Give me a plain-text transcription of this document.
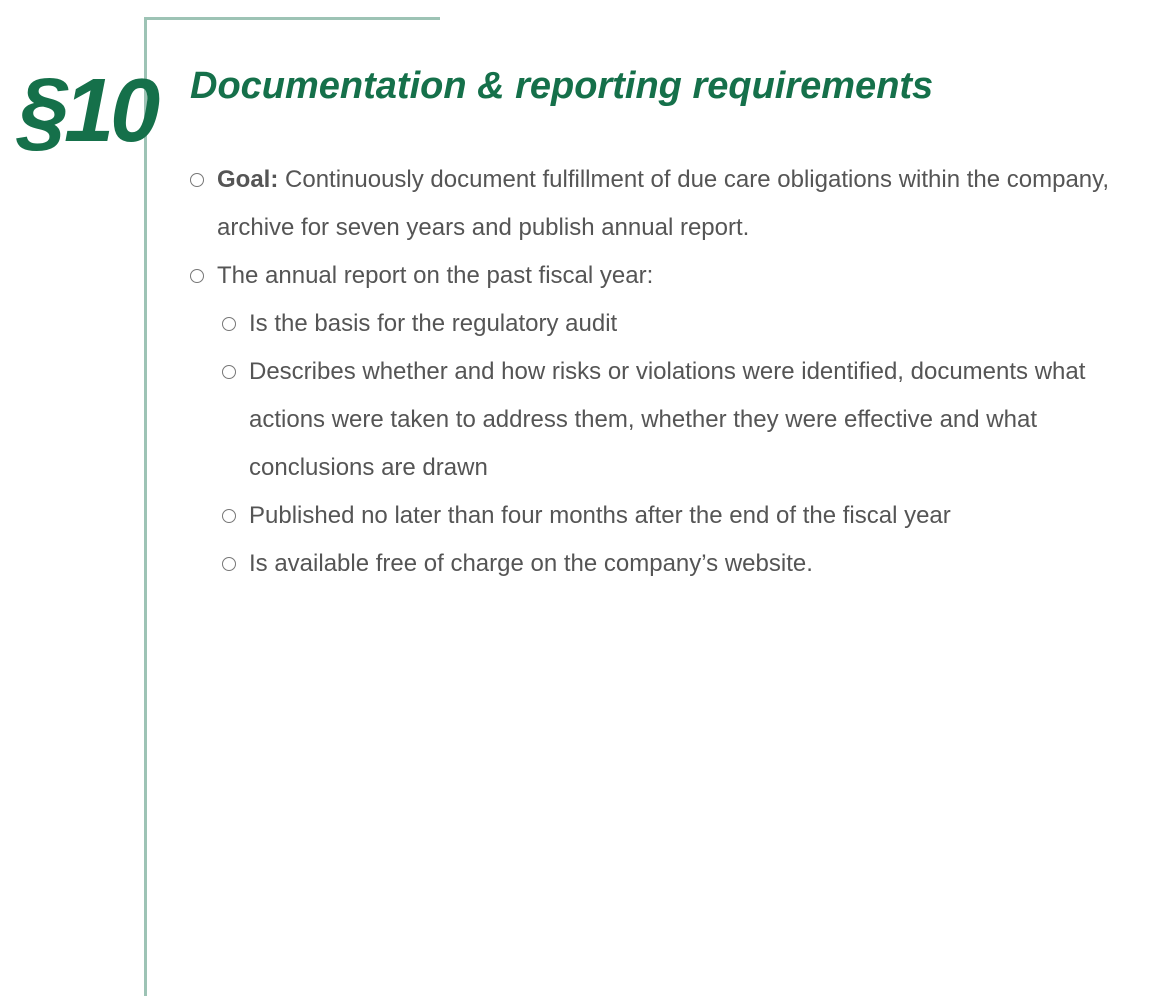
§10 Documentation & reporting requirements
Goal: Continuously document fulfillment of due care obligations within the company, archive for seven years and publish annual report.
The annual report on the past fiscal year:
Is the basis for the regulatory audit
Describes whether and how risks or violations were identified, documents what actions were taken to address them, whether they were effective and what conclusions are drawn
Published no later than four months after the end of the fiscal year
Is available free of charge on the company’s website.
